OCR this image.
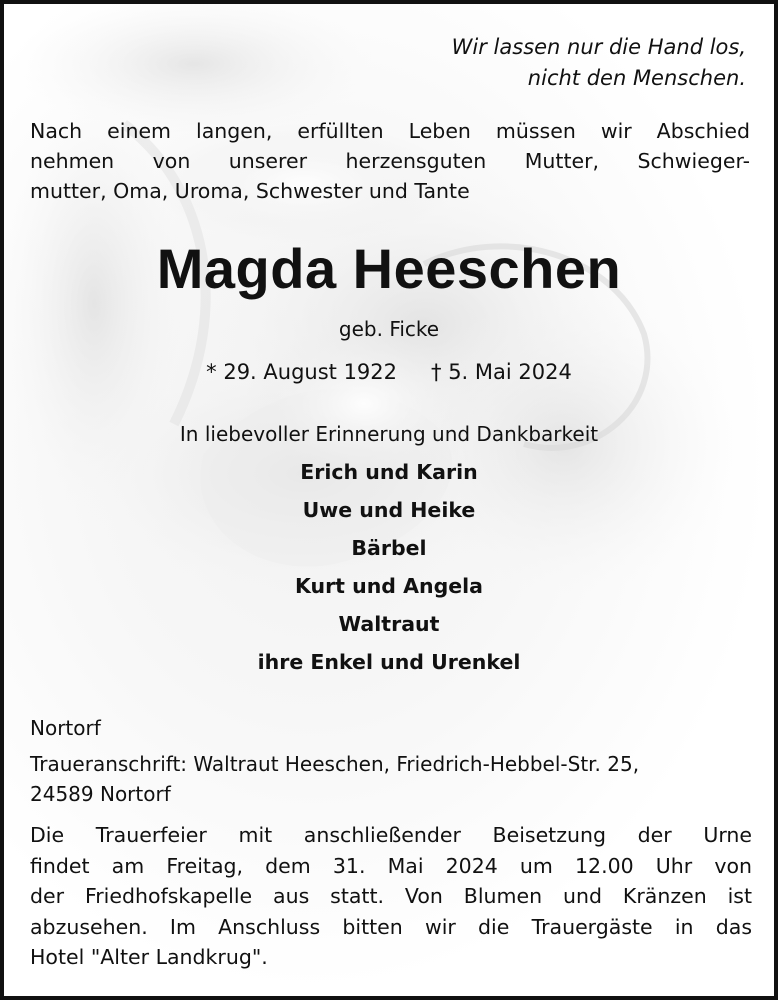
Wir lassen nur die Hand los,
nicht den Menschen.
Nach einem langen, erfüllten Leben müssen wir Abschied
nehmen von unserer herzensguten Mutter, Schwieger-
mutter, Oma, Uroma, Schwester und Tante
Magda Heeschen
geb. Ficke
* 29. August 1922 † 5. Mai 2024
In liebevoller Erinnerung und Dankbarkeit
Erich und Karin
Uwe und Heike
Bärbel
Kurt und Angela
Waltraut
ihre Enkel und Urenkel
Nortorf
Traueranschrift: Waltraut Heeschen, Friedrich-Hebbel-Str. 25,
24589 Nortorf
Die Trauerfeier mit anschließender Beisetzung der Urne
findet am Freitag, dem 31. Mai 2024 um 12.00 Uhr von
der Friedhofskapelle aus statt. Von Blumen und Kränzen ist
abzusehen. Im Anschluss bitten wir die Trauergäste in das
Hotel "Alter Landkrug".
